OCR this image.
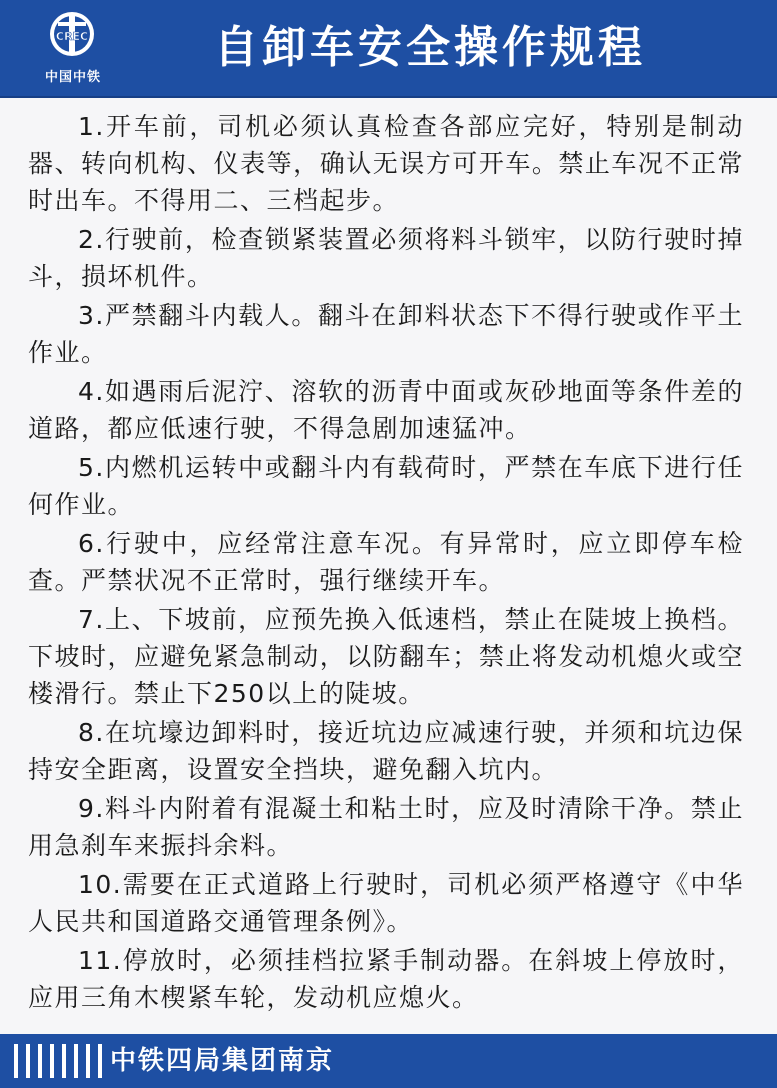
CREC
中国中铁
自卸车安全操作规程

1.开车前，司机必须认真检查各部应完好，特别是制动器、转向机构、仪表等，确认无误方可开车。禁止车况不正常时出车。不得用二、三档起步。

2.行驶前，检查锁紧装置必须将料斗锁牢，以防行驶时掉斗，损坏机件。

3.严禁翻斗内载人。翻斗在卸料状态下不得行驶或作平土作业。

4.如遇雨后泥泞、溶软的沥青中面或灰砂地面等条件差的道路，都应低速行驶，不得急剧加速猛冲。

5.内燃机运转中或翻斗内有载荷时，严禁在车底下进行任何作业。

6.行驶中，应经常注意车况。有异常时，应立即停车检查。严禁状况不正常时，强行继续开车。

7.上、下坡前，应预先换入低速档，禁止在陡坡上换档。下坡时，应避免紧急制动，以防翻车；禁止将发动机熄火或空楼滑行。禁止下250以上的陡坡。

8.在坑壕边卸料时，接近坑边应减速行驶，并须和坑边保持安全距离，设置安全挡块，避免翻入坑内。

9.料斗内附着有混凝土和粘土时，应及时清除干净。禁止用急刹车来振抖余料。

10.需要在正式道路上行驶时，司机必须严格遵守《中华人民共和国道路交通管理条例》。

11.停放时，必须挂档拉紧手制动器。在斜坡上停放时，应用三角木楔紧车轮，发动机应熄火。

中铁四局集团南京
